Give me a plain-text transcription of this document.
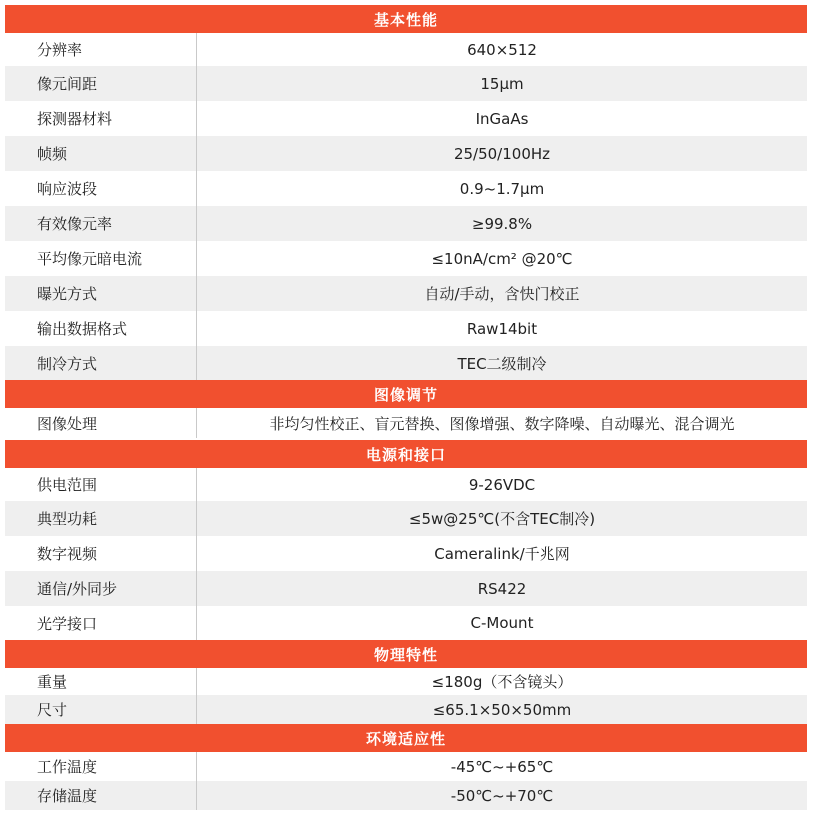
基本性能
分辨率	640×512
像元间距	15μm
探测器材料	InGaAs
帧频	25/50/100Hz
响应波段	0.9~1.7μm
有效像元率	≥99.8%
平均像元暗电流	≤10nA/cm² @20℃
曝光方式	自动/手动，含快门校正
输出数据格式	Raw14bit
制冷方式	TEC二级制冷
图像调节
图像处理	非均匀性校正、盲元替换、图像增强、数字降噪、自动曝光、混合调光
电源和接口
供电范围	9-26VDC
典型功耗	≤5w@25℃(不含TEC制冷)
数字视频	Cameralink/千兆网
通信/外同步	RS422
光学接口	C-Mount
物理特性
重量	≤180g（不含镜头）
尺寸	≤65.1×50×50mm
环境适应性
工作温度	-45℃~+65℃
存储温度	-50℃~+70℃
